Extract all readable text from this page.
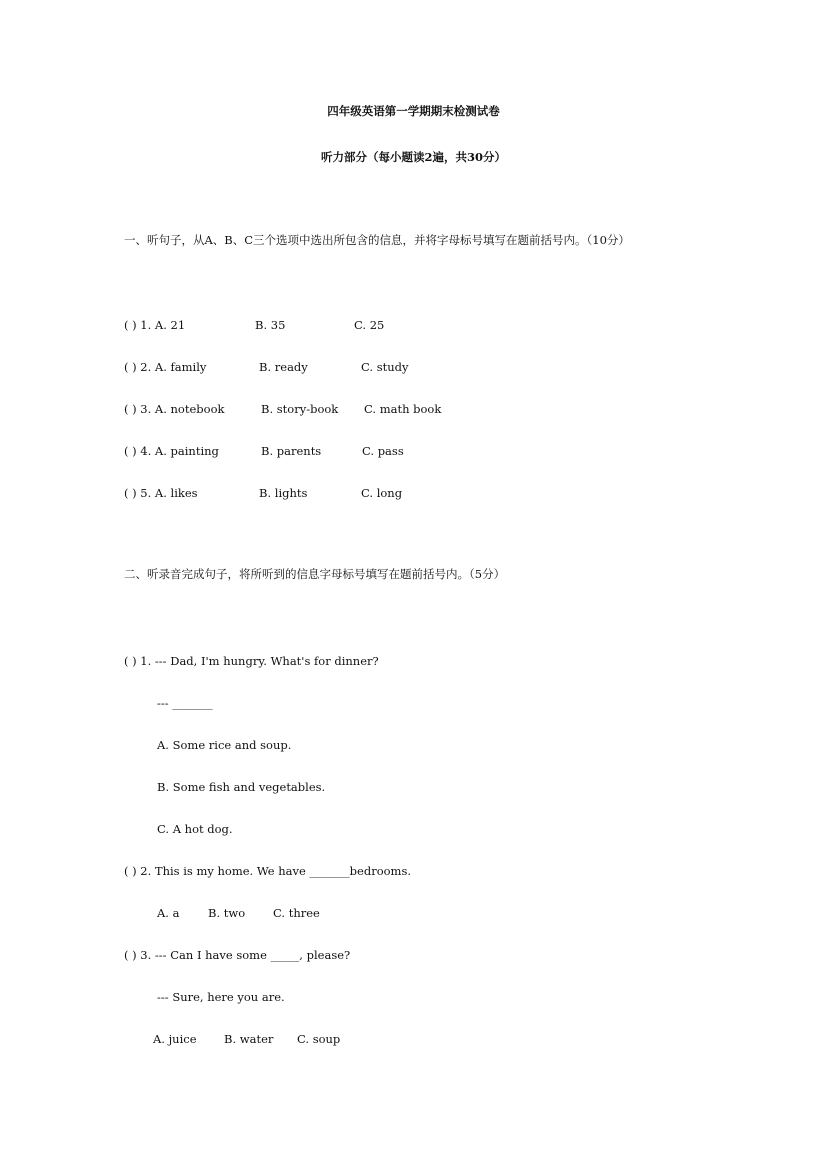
四年级英语第一学期期末检测试卷
听力部分（每小题读2遍，共30分）
一、听句子，从A、B、C三个选项中选出所包含的信息，并将字母标号填写在题前括号内。（10分）
( ) 1. A. 21	B. 35	C. 25
( ) 2. A. family	B. ready	C. study
( ) 3. A. notebook	B. story-book C. math book
( ) 4. A. painting	B. parents	C. pass
( ) 5. A. likes	B. lights	C. long
二、听录音完成句子，将所听到的信息字母标号填写在题前括号内。（5分）
( ) 1. --- Dad, I'm hungry. What's for dinner?
--- _______
A. Some rice and soup.
B. Some fish and vegetables.
C. A hot dog.
( ) 2. This is my home. We have _______bedrooms.
A. a B. two C. three
( ) 3. --- Can I have some _____, please?
--- Sure, here you are.
A. juice B. water C. soup
